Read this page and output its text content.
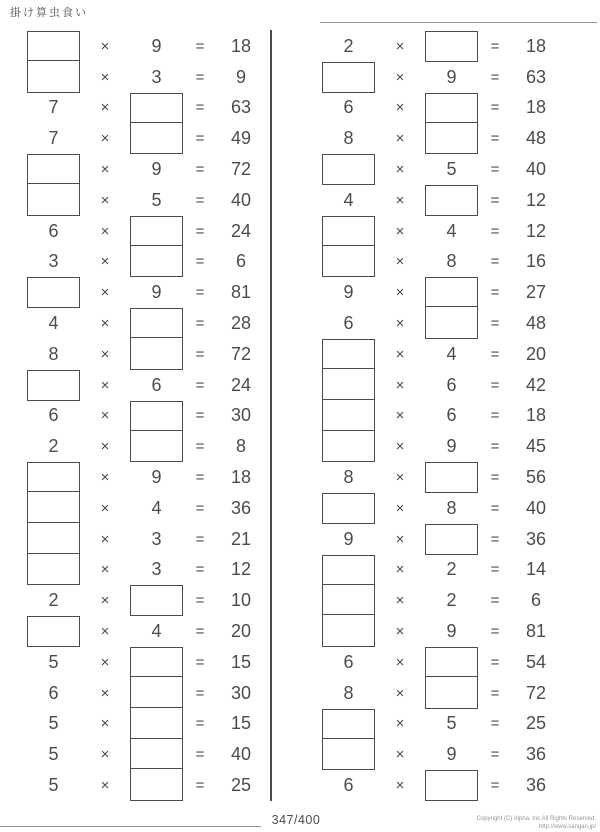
掛け算虫食い
× 9 = 18
× 3 = 9
7	×	= 63
7	×	= 49
× 9 = 72
× 5 = 40
6	×	= 24
3	×	= 6
× 9 = 81
4	×	= 28
8	×	= 72
× 6 = 24
6	×	= 30
2	×	= 8
× 9 = 18
× 4 = 36
× 3 = 21
× 3 = 12
2	×	= 10
× 4 = 20
5	×	= 15
6	×	= 30
5	×	= 15
5	×	= 40
5	×	= 25
2	×	= 18
× 9 = 63
6	×	= 18
8	×	= 48
× 5 = 40
4	×	= 12
× 4 = 12
× 8 = 16
9	×	= 27
6	×	= 48
× 4 = 20
× 6 = 42
× 6 = 18
× 9 = 45
8	×	= 56
× 8 = 40
9	×	= 36
× 2 = 14
× 2 = 6
× 9 = 81
6	×	= 54
8	×	= 72
× 5 = 25
× 9 = 36
6	×	= 36
347/400	Copyright (C) Alpha, Inc All Rights Reserved.
http://www.sangan.jp/
